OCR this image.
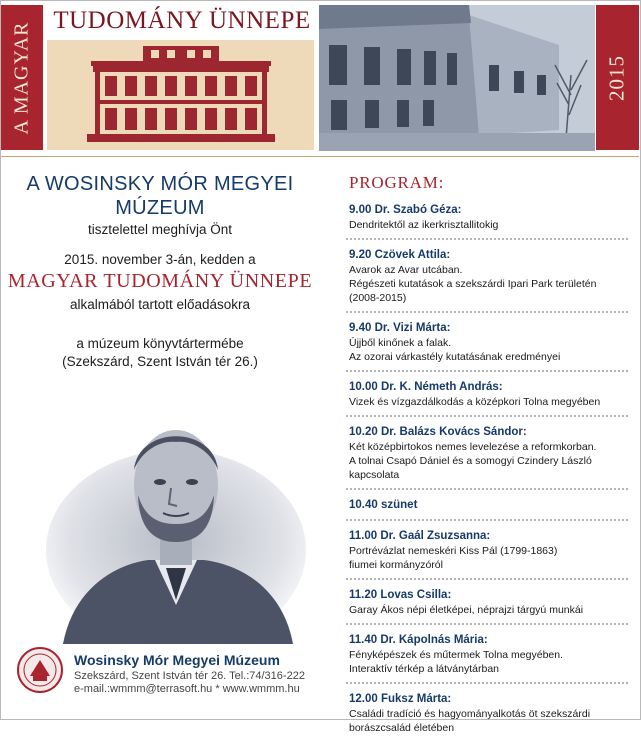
A MAGYAR
TUDOMÁNY ÜNNEPE
2015
A WOSINSKY MÓR MEGYEI
MÚZEUM
tisztelettel meghívja Önt
2015. november 3-án, kedden a
MAGYAR TUDOMÁNY ÜNNEPE
alkalmából tartott előadásokra
a múzeum könyvtártermébe
(Szekszárd, Szent István tér 26.)
Wosinsky Mór Megyei Múzeum
Szekszárd, Szent István tér 26. Tel.:74/316-222
e-mail.:wmmm@terrasoft.hu * www.wmmm.hu
PROGRAM:
9.00 Dr. Szabó Géza:
Dendritektől az ikerkrisztallitokig
9.20 Czövek Attila:
Avarok az Avar utcában.
Régészeti kutatások a szekszárdi Ipari Park területén
(2008-2015)
9.40 Dr. Vizi Márta:
Újjből kinőnek a falak.
Az ozorai várkastély kutatásának eredményei
10.00 Dr. K. Németh András:
Vizek és vízgazdálkodás a középkori Tolna megyében
10.20 Dr. Balázs Kovács Sándor:
Két középbirtokos nemes levelezése a reformkorban.
A tolnai Csapó Dániel és a somogyi Czindery László
kapcsolata
10.40 szünet
11.00 Dr. Gaál Zsuzsanna:
Portrévázlat nemeskéri Kiss Pál (1799-1863)
fiumei kormányzóról
11.20 Lovas Csilla:
Garay Ákos népi életképei, néprajzi tárgyú munkái
11.40 Dr. Kápolnás Mária:
Fényképészek és műtermek Tolna megyében.
Interaktív térkép a látványtárban
12.00 Fuksz Márta:
Családi tradíció és hagyományalkotás öt szekszárdi
borászcsalád életében
